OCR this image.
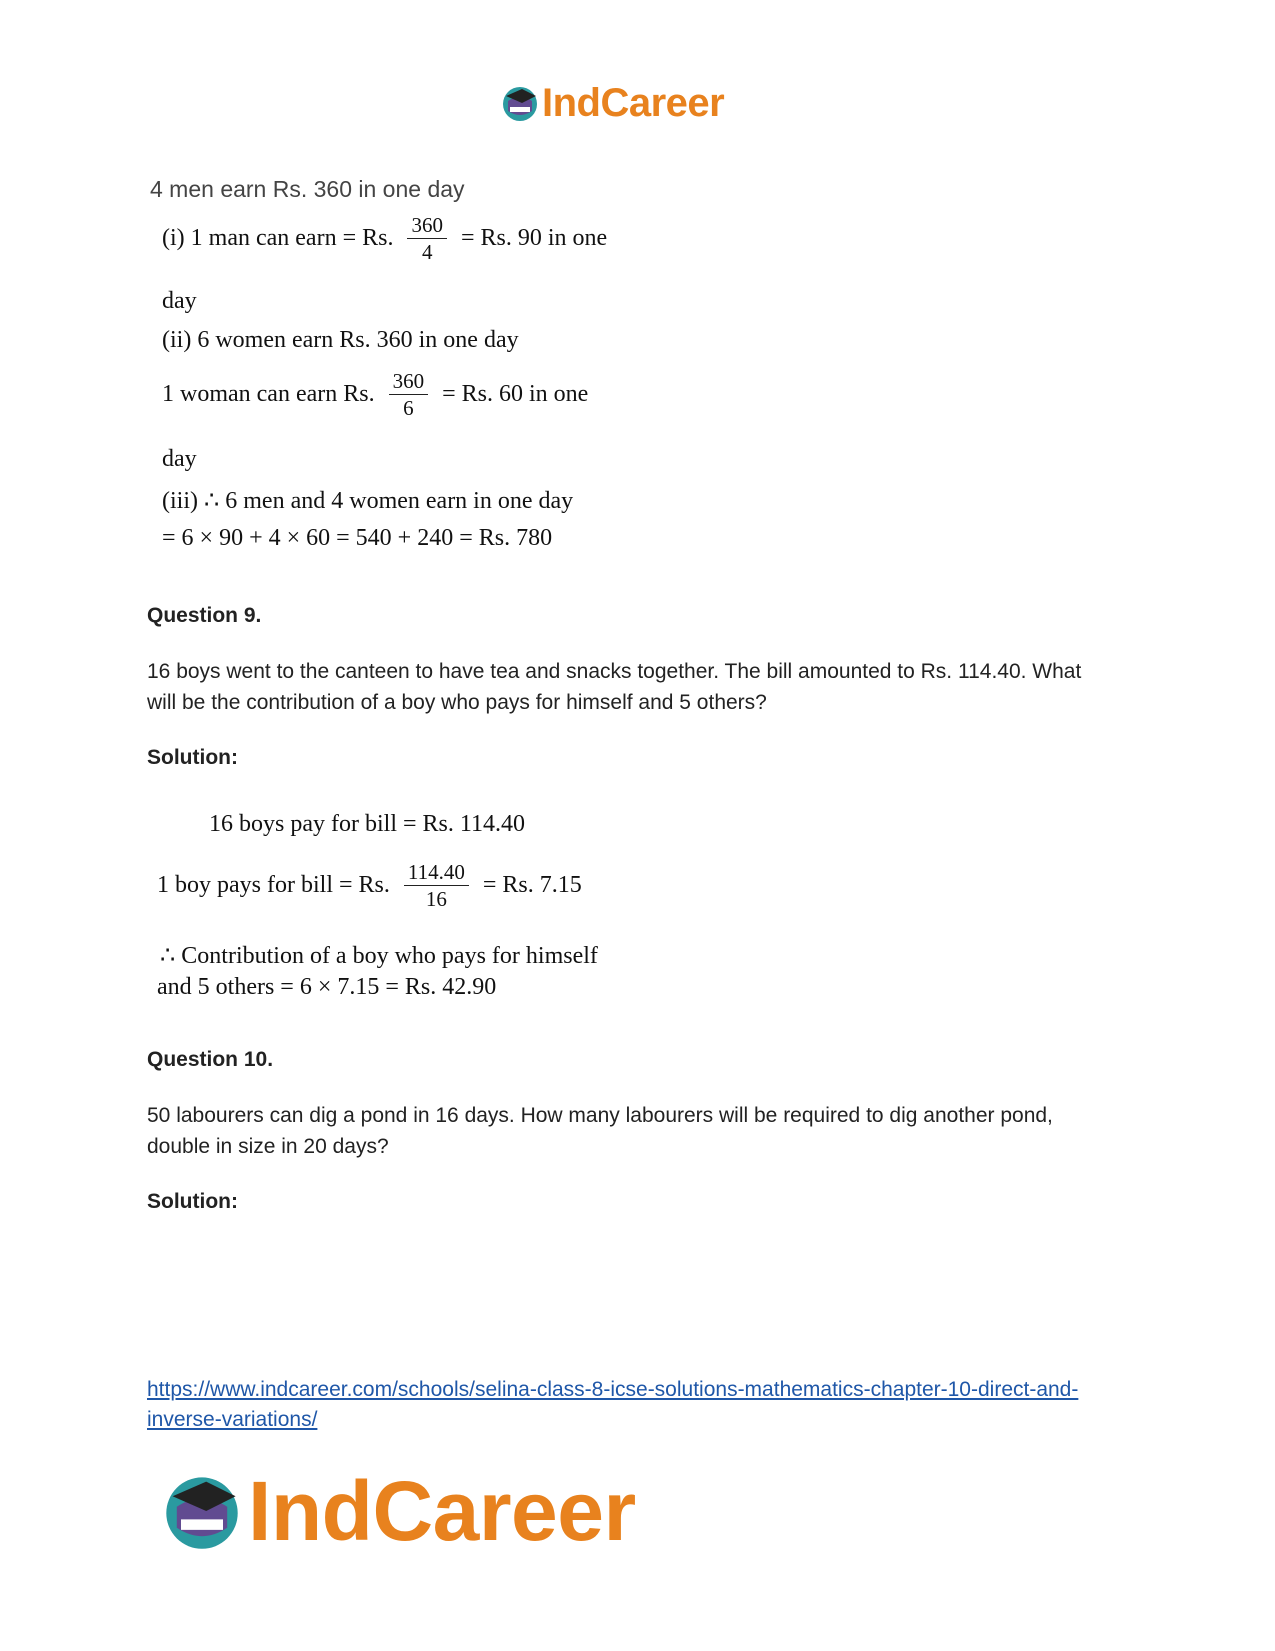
IndCareer
4 men earn Rs. 360 in one day
(i) 1 man can earn = Rs. $\frac{360}{4} = Rs$. 90 in one
day
(ii) 6 women earn Rs. 360 in one day
1 woman can earn Rs. $\frac{360}{6} = Rs$. 60 in one
day
(iii) ∴ 6 men and 4 women earn in one day
= 6 × 90 + 4 × 60 = 540 + 240 = Rs. 780
Question 9.
16 boys went to the canteen to have tea and snacks together. The bill amounted to Rs. 114.40. What will be the contribution of a boy who pays for himself and 5 others?
Solution:
16 boys pay for bill = Rs. 114.40
1 boy pays for bill = Rs. $\frac{114.40}{16} = Rs$. 7.15
∴ Contribution of a boy who pays for himself
and 5 others = 6 × 7.15 = Rs. 42.90
Question 10.
50 labourers can dig a pond in 16 days. How many labourers will be required to dig another pond, double in size in 20 days?
Solution:
https://www.indcareer.com/schools/selina-class-8-icse-solutions-mathematics-chapter-10-direct-and-inverse-variations/
IndCareer
